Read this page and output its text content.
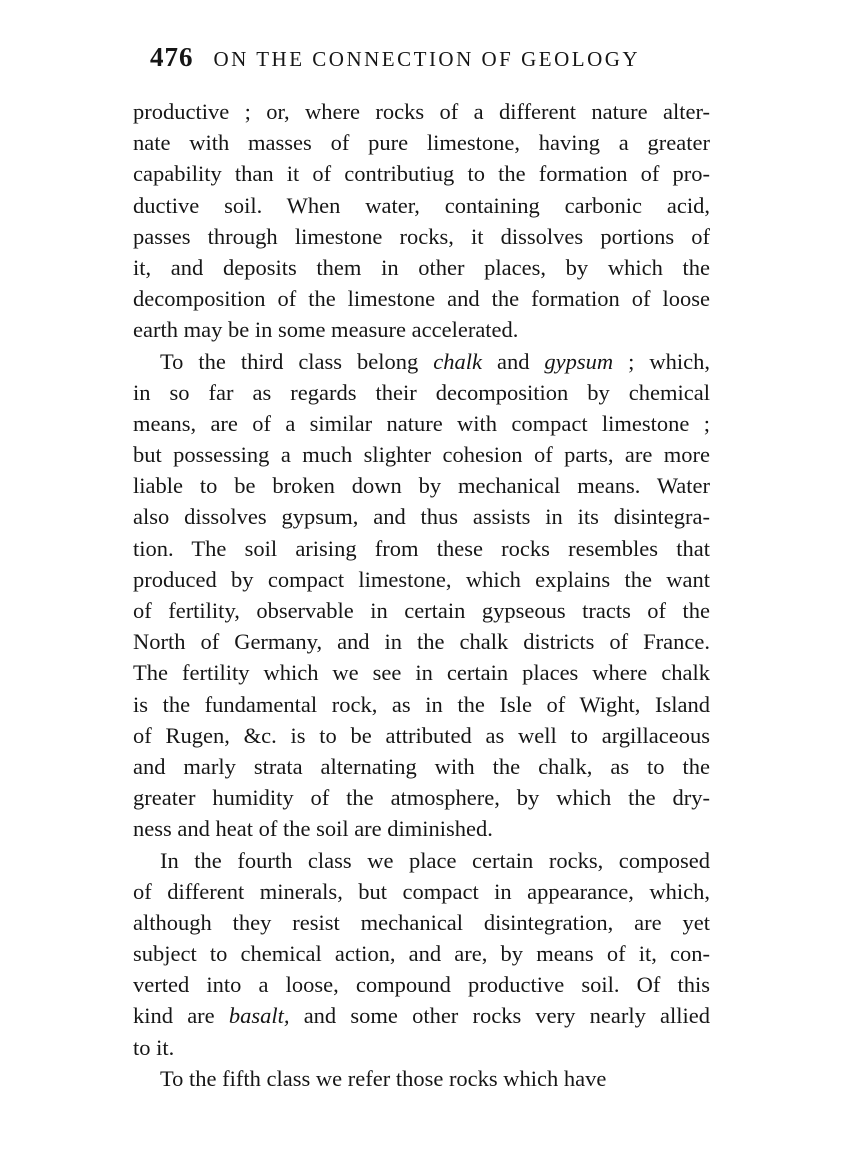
476 ON THE CONNECTION OF GEOLOGY
productive ; or, where rocks of a different nature alter-
nate with masses of pure limestone, having a greater
capability than it of contributiug to the formation of pro-
ductive soil. When water, containing carbonic acid,
passes through limestone rocks, it dissolves portions of
it, and deposits them in other places, by which the
decomposition of the limestone and the formation of loose
earth may be in some measure accelerated.
To the third class belong chalk and gypsum ; which,
in so far as regards their decomposition by chemical
means, are of a similar nature with compact limestone ;
but possessing a much slighter cohesion of parts, are more
liable to be broken down by mechanical means. Water
also dissolves gypsum, and thus assists in its disintegra-
tion. The soil arising from these rocks resembles that
produced by compact limestone, which explains the want
of fertility, observable in certain gypseous tracts of the
North of Germany, and in the chalk districts of France.
The fertility which we see in certain places where chalk
is the fundamental rock, as in the Isle of Wight, Island
of Rugen, &c. is to be attributed as well to argillaceous
and marly strata alternating with the chalk, as to the
greater humidity of the atmosphere, by which the dry-
ness and heat of the soil are diminished.
In the fourth class we place certain rocks, composed
of different minerals, but compact in appearance, which,
although they resist mechanical disintegration, are yet
subject to chemical action, and are, by means of it, con-
verted into a loose, compound productive soil. Of this
kind are basalt, and some other rocks very nearly allied
to it.
To the fifth class we refer those rocks which have
